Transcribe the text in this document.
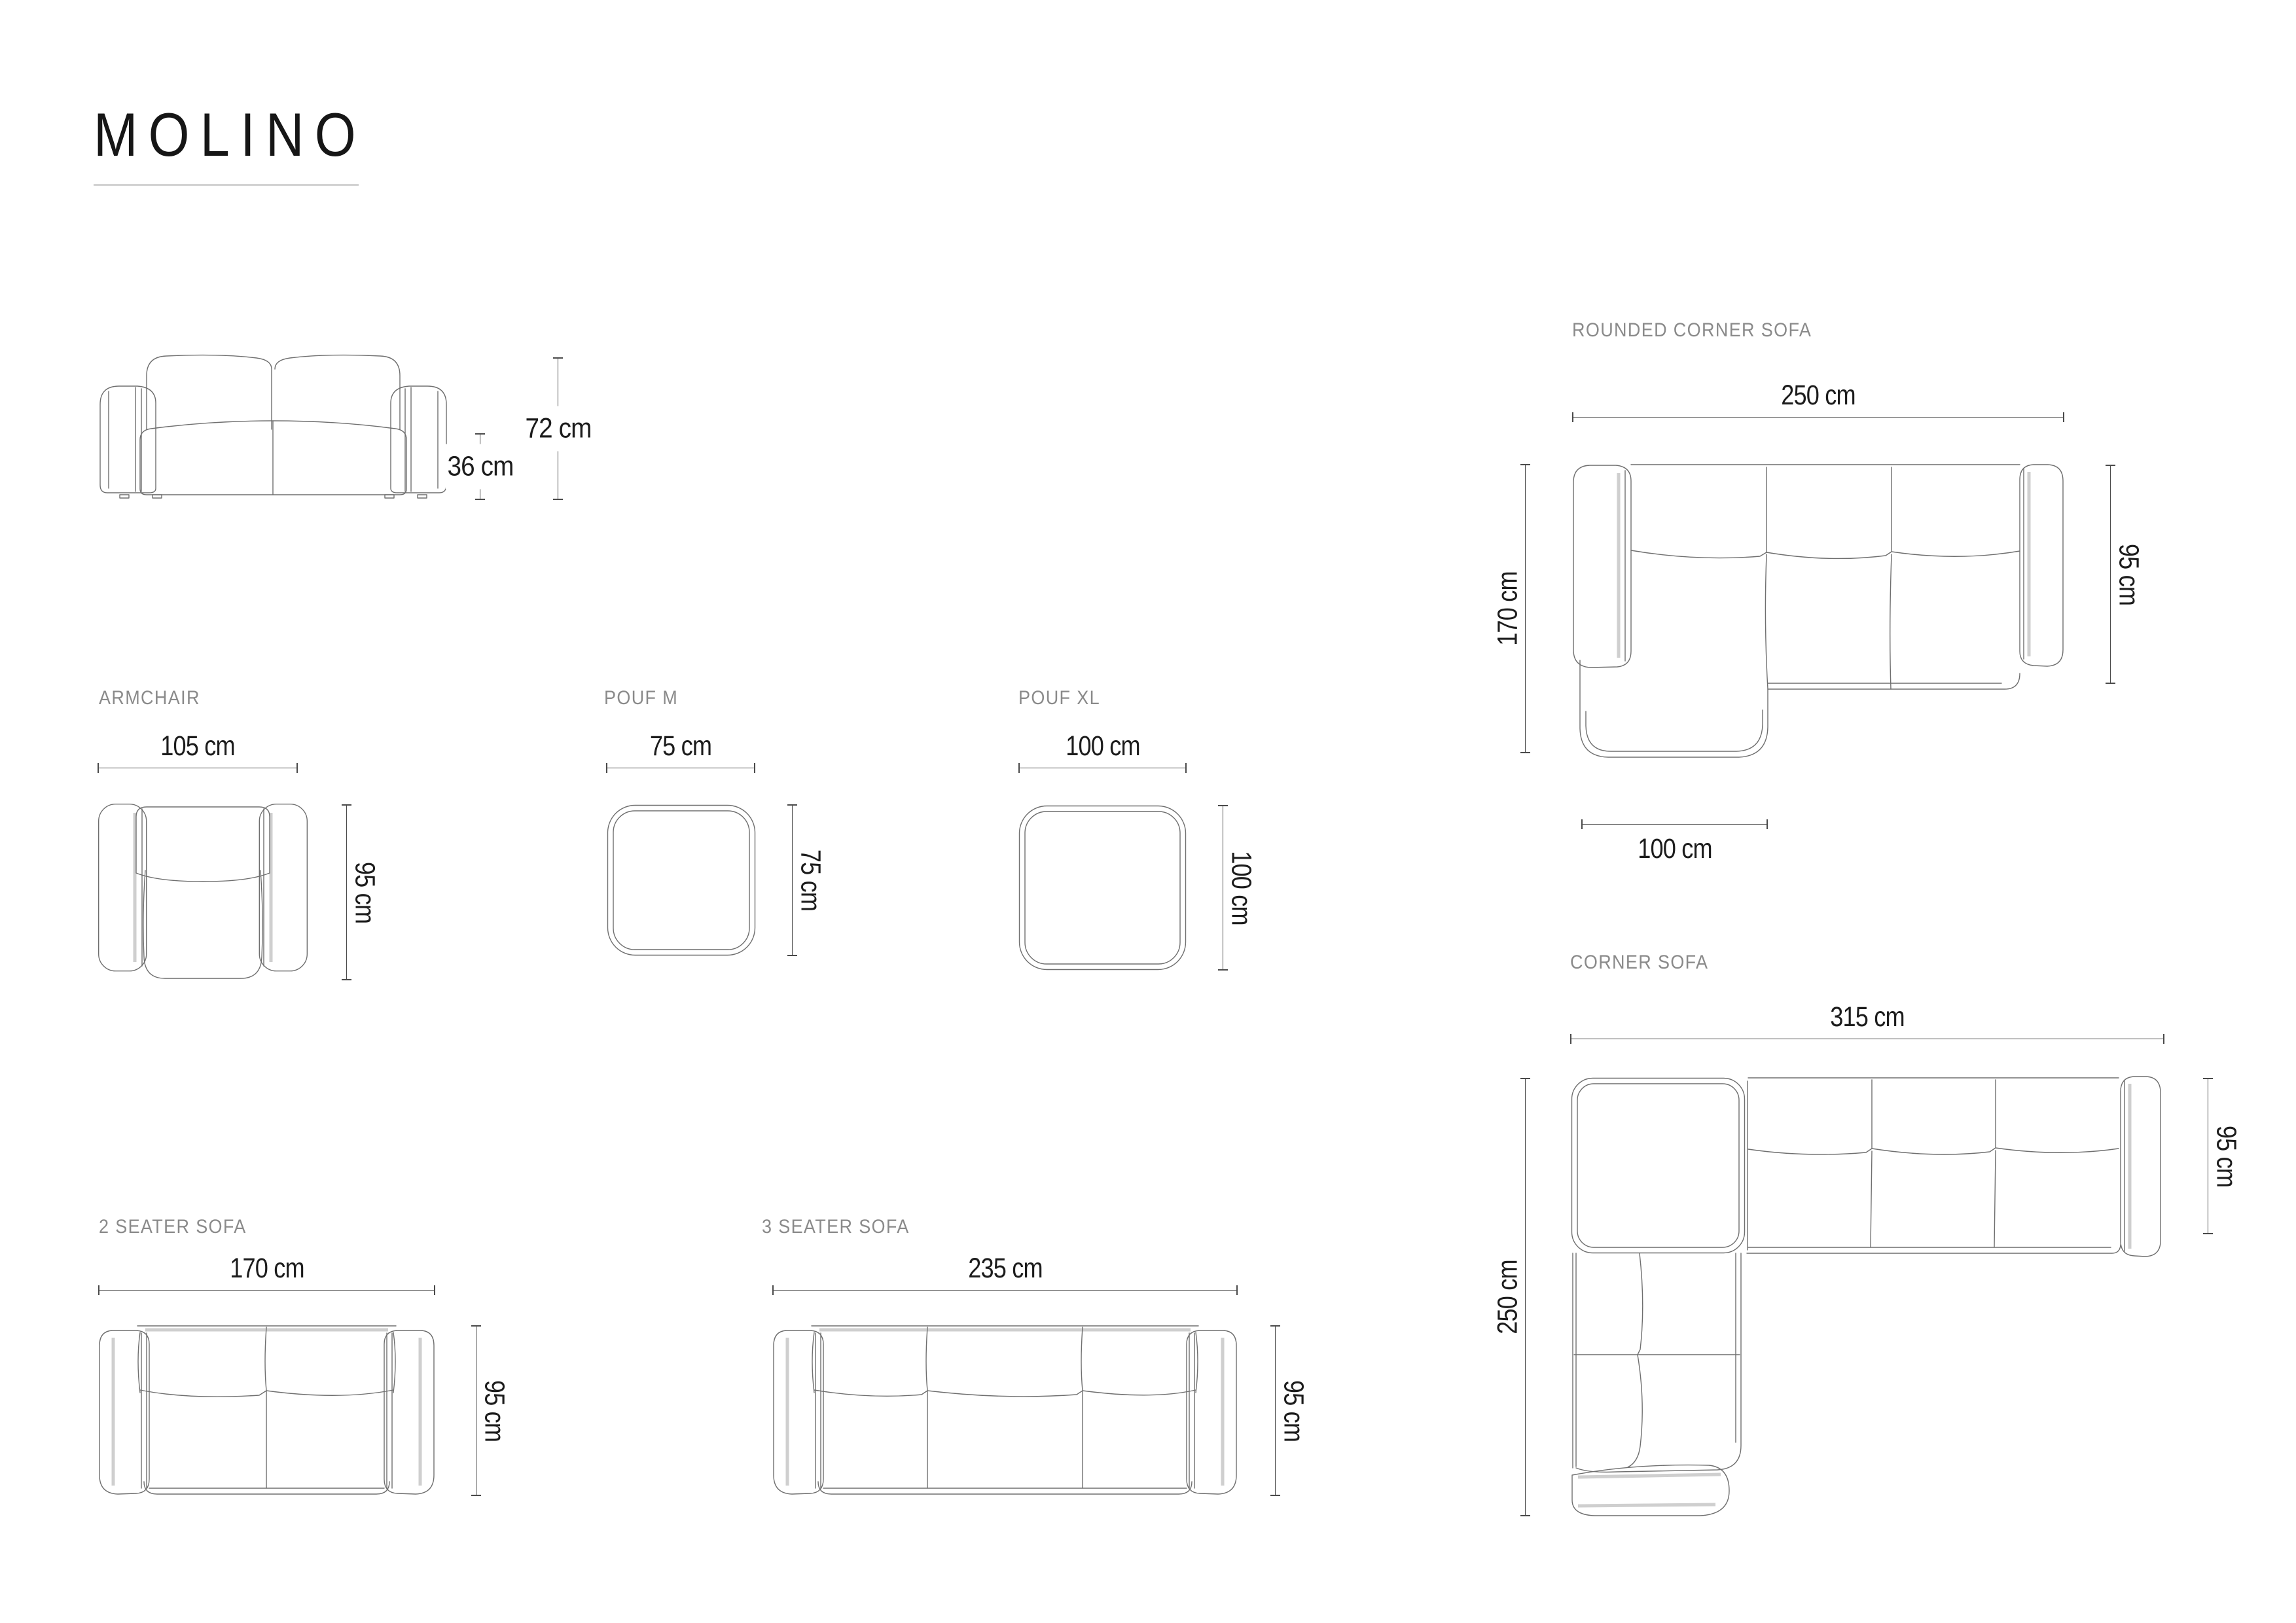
MOLINO
36 cm
72 cm
ARMCHAIR
105 cm
95 cm
POUF M
75 cm
75 cm
POUF XL
100 cm
100 cm
ROUNDED CORNER SOFA
250 cm
170 cm	95 cm
100 cm
CORNER SOFA
315 cm
250 cm
95 cm
2 SEATER SOFA
170 cm
95 cm
3 SEATER SOFA
235 cm
95 cm
